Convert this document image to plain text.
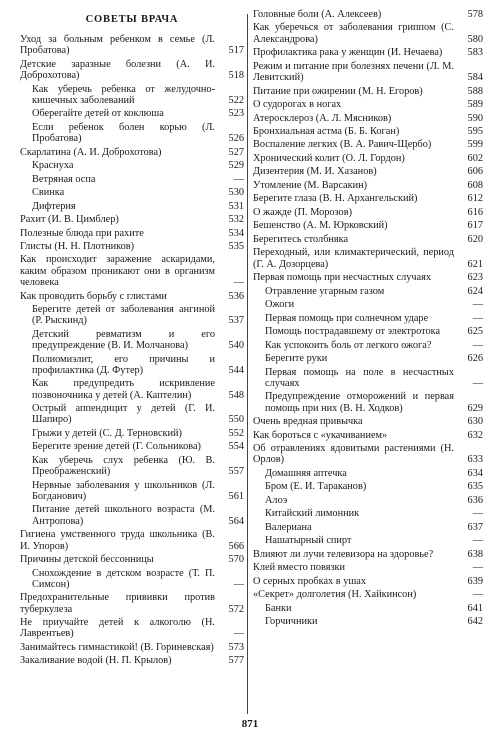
СОВЕТЫ ВРАЧА
Уход за больным ребенком в семье (Л. Пробатова)	517
Детские заразные болезни (А. И. Доброхотова)	518
Как уберечь ребенка от желудочно-кишечных заболеваний	522
Оберегайте детей от коклюша	523
Если ребенок болен корью (Л. Пробатова)	526
Скарлатина (А. И. Доброхотова)	527
Краснуха	529
Ветряная оспа	—
Свинка	530
Дифтерия	531
Рахит (И. В. Цимблер)	532
Полезные блюда при рахите	534
Глисты (Н. Н. Плотников)	535
Как происходит заражение аскаридами, каким образом проникают они в организм человека	—
Как проводить борьбу с глистами	536
Берегите детей от заболевания ангиной (Р. Рыскинд)	537
Детский ревматизм и его предупреждение (В. И. Молчанова)	540
Полиомиэлит, его причины и профилактика (Д. Футер)	544
Как предупредить искривление позвоночника у детей (А. Каптелин)	548
Острый аппендицит у детей (Г. И. Шапиро)	550
Грыжи у детей (С. Д. Терновский)	552
Берегите зрение детей (Г. Сольникова)	554
Как уберечь слух ребенка (Ю. В. Преображенский)	557
Нервные заболевания у школьников (Л. Богданович)	561
Питание детей школьного возраста (М. Антропова)	564
Гигиена умственного труда школьника (В. И. Упоров)	566
Причины детской бессонницы	570
Снохождение в детском возрасте (Т. П. Симсон)	—
Предохранительные прививки против туберкулеза	572
Не приучайте детей к алкоголю (Н. Лаврентьев)	—
Занимайтесь гимнастикой! (В. Гориневская)	573
Закаливание водой (Н. П. Крылов)	577
Головные боли (А. Алексеев)	578
Как уберечься от заболевания гриппом (С. Александрова)	580
Профилактика рака у женщин (И. Нечаева)	583
Режим и питание при болезнях печени (Л. М. Левитский)	584
Питание при ожирении (М. Н. Егоров)	588
О судорогах в ногах	589
Атеросклероз (А. Л. Мясников)	590
Бронхиальная астма (Б. Б. Коган)	595
Воспаление легких (В. А. Равич-Щербо)	599
Хронический колит (О. Л. Гордон)	602
Дизентерия (М. И. Хазанов)	606
Утомление (М. Варсакин)	608
Берегите глаза (В. Н. Архангельский)	612
О жажде (П. Морозов)	616
Бешенство (А. М. Юрковский)	617
Берегитесь столбняка	620
Переходный, или климактерический, период (Г. А. Дозорцева)	621
Первая помощь при несчастных случаях	623
Отравление угарным газом	624
Ожоги	—
Первая помощь при солнечном ударе	—
Помощь пострадавшему от электротока	625
Как успокоить боль от легкого ожога?	—
Берегите руки	626
Первая помощь на поле в несчастных случаях	—
Предупреждение отморожений и первая помощь при них (В. Н. Ходков)	629
Очень вредная привычка	630
Как бороться с «укачиванием»	632
Об отравлениях ядовитыми растениями (Н. Орлов)	633
Домашняя аптечка	634
Бром (Е. И. Тараканов)	635
Алоэ	636
Китайский лимонник	—
Валериана	637
Нашатырный спирт	—
Влияют ли лучи телевизора на здоровье?	638
Клей вместо повязки	—
О серных пробках в ушах	639
«Секрет» долголетия (Н. Хайкинсон)	—
Банки	641
Горчичники	642
871
